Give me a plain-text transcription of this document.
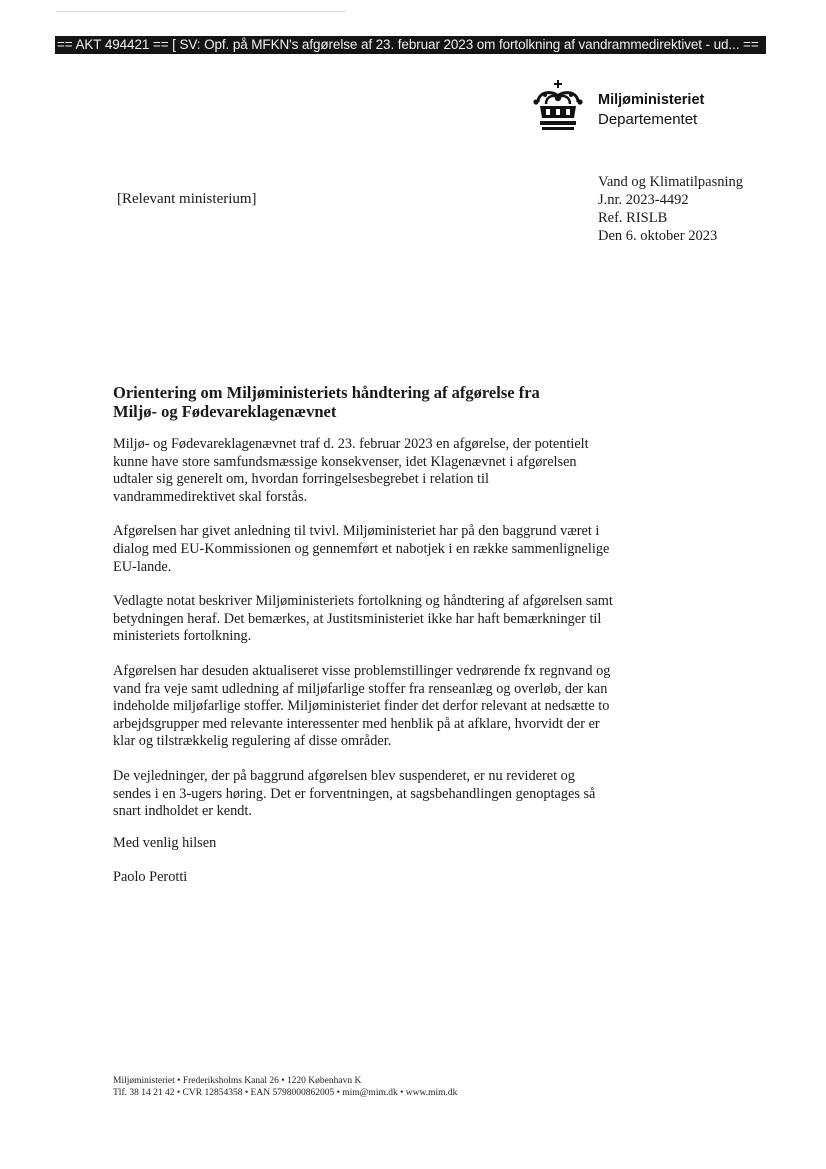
== AKT 494421 == [ SV: Opf. på MFKN's afgørelse af 23. februar 2023 om fortolkning af vandrammedirektivet - ud... ==
Miljøministeriet
Departementet
[Relevant ministerium]
Vand og Klimatilpasning
J.nr. 2023-4492
Ref. RISLB
Den 6. oktober 2023
Orientering om Miljøministeriets håndtering af afgørelse fra
Miljø- og Fødevareklagenævnet

Miljø- og Fødevareklagenævnet traf d. 23. februar 2023 en afgørelse, der potentielt kunne have store samfundsmæssige konsekvenser, idet Klagenævnet i afgørelsen udtaler sig generelt om, hvordan forringelsesbegrebet i relation til vandrammedirektivet skal forstås.

Afgørelsen har givet anledning til tvivl. Miljøministeriet har på den baggrund været i dialog med EU-Kommissionen og gennemført et nabotjek i en række sammenlignelige EU-lande.

Vedlagte notat beskriver Miljøministeriets fortolkning og håndtering af afgørelsen samt betydningen heraf. Det bemærkes, at Justitsministeriet ikke har haft bemærkninger til ministeriets fortolkning.

Afgørelsen har desuden aktualiseret visse problemstillinger vedrørende fx regnvand og vand fra veje samt udledning af miljøfarlige stoffer fra renseanlæg og overløb, der kan indeholde miljøfarlige stoffer. Miljøministeriet finder det derfor relevant at nedsætte to arbejdsgrupper med relevante interessenter med henblik på at afklare, hvorvidt der er klar og tilstrækkelig regulering af disse områder.

De vejledninger, der på baggrund afgørelsen blev suspenderet, er nu revideret og sendes i en 3-ugers høring. Det er forventningen, at sagsbehandlingen genoptages så snart indholdet er kendt.

Med venlig hilsen
Paolo Perotti
Miljøministeriet • Frederiksholms Kanal 26 • 1220 København K
Tlf. 38 14 21 42 • CVR 12854358 • EAN 5798000862005 • mim@mim.dk • www.mim.dk
